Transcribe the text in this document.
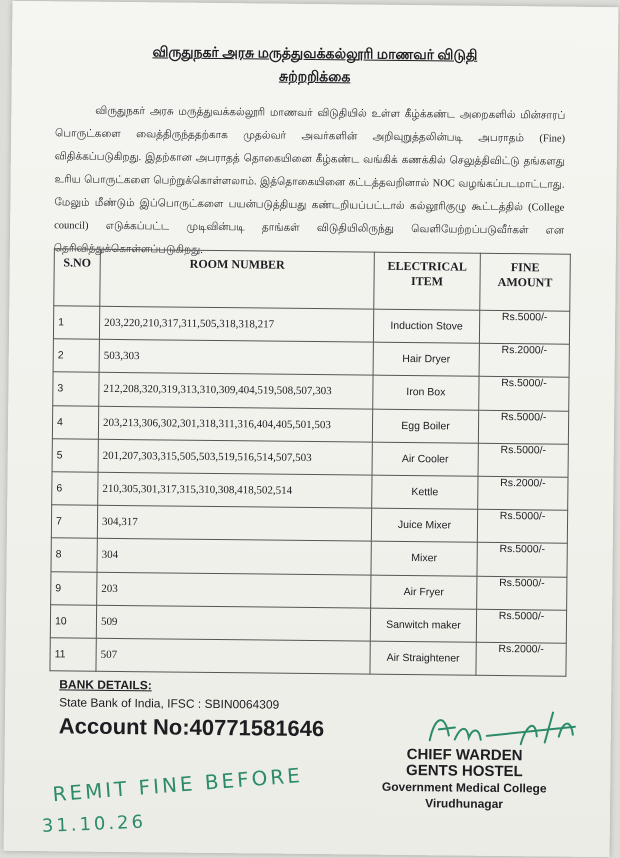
விருதுநகர் அரசு மருத்துவக்கல்லூரி மாணவர் விடுதி
சுற்றறிக்கை
விருதுநகர் அரசு மருத்துவக்கல்லூரி மாணவர் விடுதியில் உள்ள கீழ்க்கண்ட அறைகளில் மின்சாரப் பொருட்களை வைத்திருந்ததற்காக முதல்வர் அவர்களின் அறிவுறுத்தலின்படி அபராதம் (Fine) விதிக்கப்படுகிறது. இதற்கான அபராதத் தொகையினை கீழ்கண்ட வங்கிக் கணக்கில் செலுத்திவிட்டு தங்களது உரிய பொருட்களை பெற்றுக்கொள்ளலாம். இத்தொகையினை கட்டத்தவறினால் NOC வழங்கப்படமாட்டாது. மேலும் மீண்டும் இப்பொருட்களை பயன்படுத்தியது கண்டறியப்பட்டால் கல்லூரிகுழு கூட்டத்தில் (College council) எடுக்கப்பட்ட முடிவின்படி தாங்கள் விடுதியிலிருந்து வெளியேற்றப்படுவீர்கள் என தெரிவித்துக்கொள்ளப்படுகிறது.
S.NO	ROOM NUMBER	ELECTRICAL ITEM	FINE AMOUNT
1	203,220,210,317,311,505,318,318,217	Induction Stove	Rs.5000/-
2	503,303	Hair Dryer	Rs.2000/-
3	212,208,320,319,313,310,309,404,519,508,507,303	Iron Box	Rs.5000/-
4	203,213,306,302,301,318,311,316,404,405,501,503	Egg Boiler	Rs.5000/-
5	201,207,303,315,505,503,519,516,514,507,503	Air Cooler	Rs.5000/-
6	210,305,301,317,315,310,308,418,502,514	Kettle	Rs.2000/-
7	304,317	Juice Mixer	Rs.5000/-
8	304	Mixer	Rs.5000/-
9	203	Air Fryer	Rs.5000/-
10	509	Sanwitch maker	Rs.5000/-
11	507	Air Straightener	Rs.2000/-
BANK DETAILS:
State Bank of India, IFSC : SBIN0064309
Account No:40771581646
CHIEF WARDEN
GENTS HOSTEL
Government Medical College
Virudhunagar
REMIT FINE BEFORE
31.10.26
